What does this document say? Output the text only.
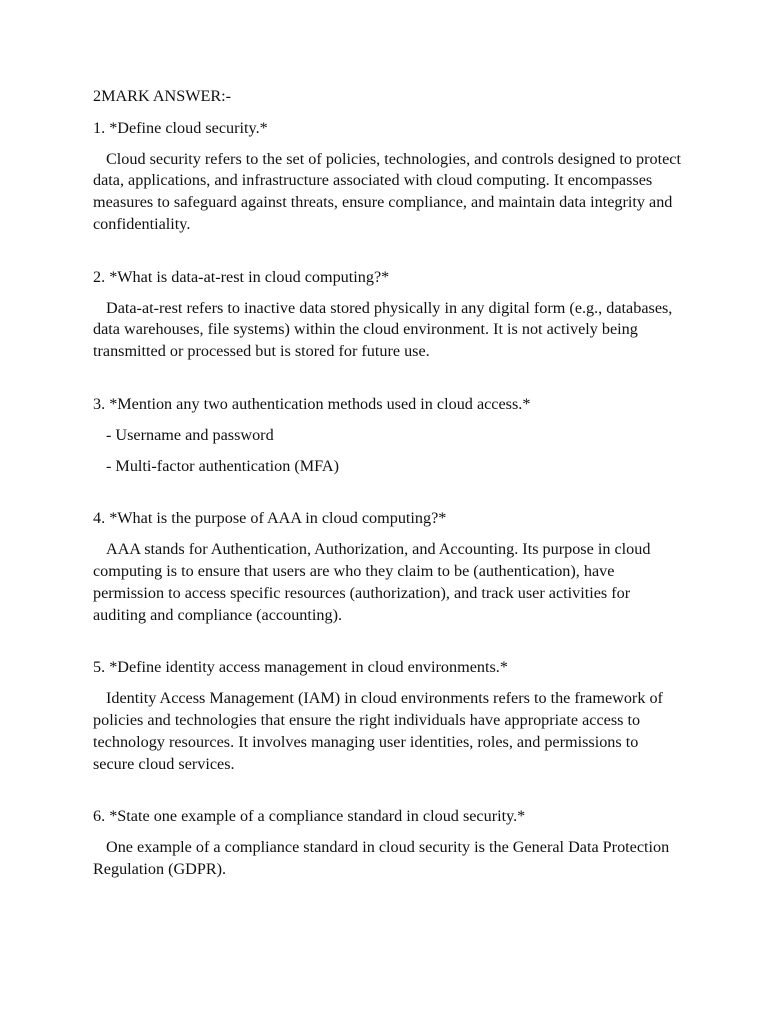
2MARK ANSWER:-

1. *Define cloud security.*

Cloud security refers to the set of policies, technologies, and controls designed to protect data, applications, and infrastructure associated with cloud computing. It encompasses measures to safeguard against threats, ensure compliance, and maintain data integrity and confidentiality.

2. *What is data-at-rest in cloud computing?*

Data-at-rest refers to inactive data stored physically in any digital form (e.g., databases, data warehouses, file systems) within the cloud environment. It is not actively being transmitted or processed but is stored for future use.

3. *Mention any two authentication methods used in cloud access.*

- Username and password

- Multi-factor authentication (MFA)

4. *What is the purpose of AAA in cloud computing?*

AAA stands for Authentication, Authorization, and Accounting. Its purpose in cloud computing is to ensure that users are who they claim to be (authentication), have permission to access specific resources (authorization), and track user activities for auditing and compliance (accounting).

5. *Define identity access management in cloud environments.*

Identity Access Management (IAM) in cloud environments refers to the framework of policies and technologies that ensure the right individuals have appropriate access to technology resources. It involves managing user identities, roles, and permissions to secure cloud services.

6. *State one example of a compliance standard in cloud security.*

One example of a compliance standard in cloud security is the General Data Protection Regulation (GDPR).
